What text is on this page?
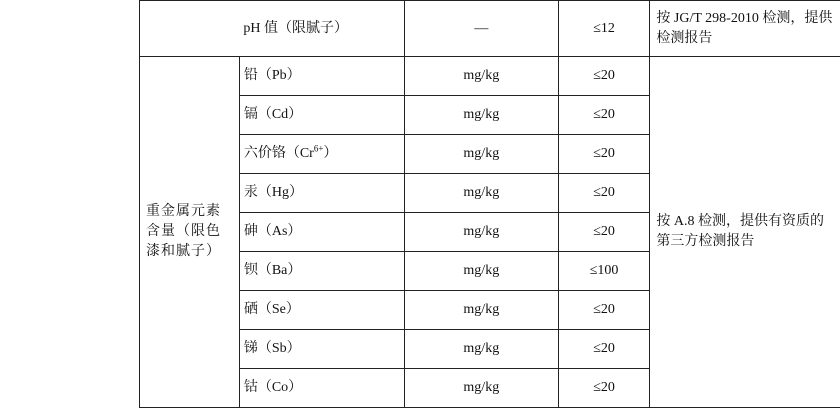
	pH 值（限腻子）	—	≤12	按 JG/T 298-2010 检测，提供检测报告

重金属元素含量（限色漆和腻子）	铅（Pb）	mg/kg	≤20	按 A.8 检测，提供有资质的第三方检测报告

	镉（Cd）	mg/kg	≤20	
	六价铬$(Cr^{6+})$	mg/kg	≤20	
	汞（Hg）	mg/kg	≤20	
	砷（As）	mg/kg	≤20	
	钡（Ba）	mg/kg	≤100	
	硒（Se）	mg/kg	≤20	
	锑（Sb）	mg/kg	≤20	
	钴（Co）	mg/kg	≤20	
